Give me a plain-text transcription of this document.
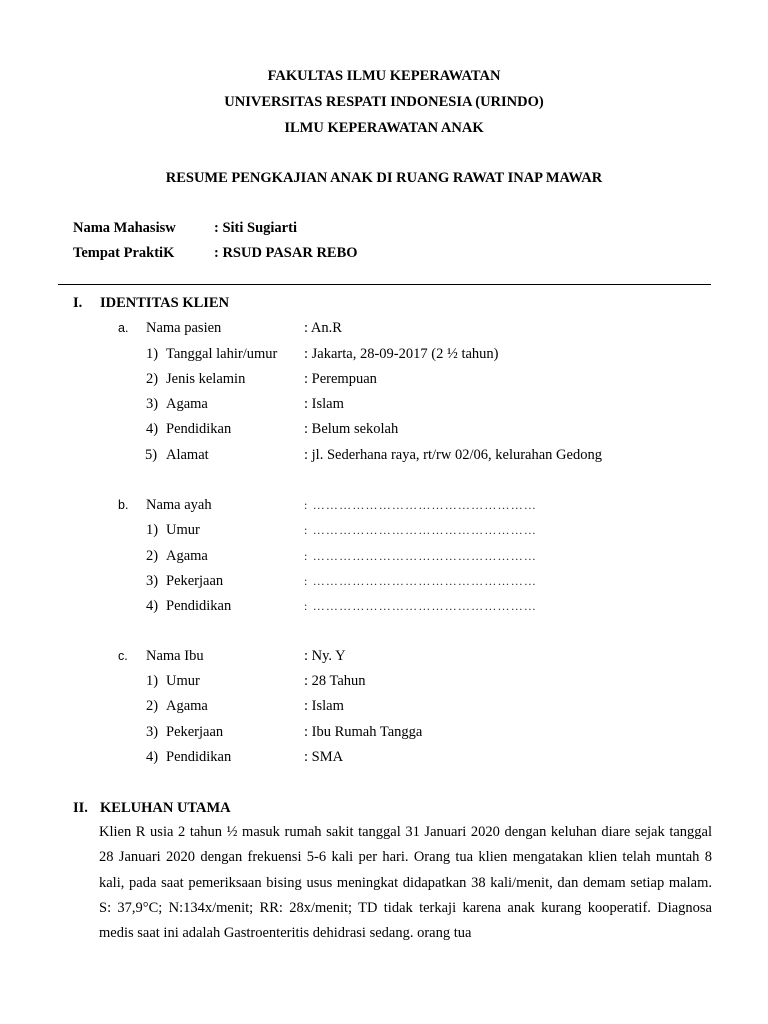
FAKULTAS ILMU KEPERAWATAN
UNIVERSITAS RESPATI INDONESIA (URINDO)
ILMU KEPERAWATAN ANAK
RESUME PENGKAJIAN ANAK DI RUANG RAWAT INAP MAWAR
Nama Mahasisw	: Siti Sugiarti
Tempat PraktiK	: RSUD PASAR REBO
I. IDENTITAS KLIEN
a. Nama pasien	: An.R
1) Tanggal lahir/umur : Jakarta, 28-09-2017 (2 ½ tahun)
2) Jenis kelamin	: Perempuan
3) Agama	: Islam
4) Pendidikan	: Belum sekolah
5) Alamat	: jl. Sederhana raya, rt/rw 02/06, kelurahan Gedong
b. Nama ayah	: ……………………………………………
1) Umur	: ……………………………………………
2) Agama	: ……………………………………………
3) Pekerjaan	: ……………………………………………
4) Pendidikan	: ……………………………………………
c. Nama Ibu	: Ny. Y
1) Umur	: 28 Tahun
2) Agama	: Islam
3) Pekerjaan	: Ibu Rumah Tangga
4) Pendidikan	: SMA
II. KELUHAN UTAMA
Klien R usia 2 tahun ½ masuk rumah sakit tanggal 31 Januari 2020 dengan keluhan diare sejak tanggal 28 Januari 2020 dengan frekuensi 5-6 kali per hari. Orang tua klien mengatakan klien telah muntah 8 kali, pada saat pemeriksaan bising usus meningkat didapatkan 38 kali/menit, dan demam setiap malam. S: 37,9°C; N:134x/menit; RR: 28x/menit; TD tidak terkaji karena anak kurang kooperatif. Diagnosa medis saat ini adalah Gastroenteritis dehidrasi sedang. orang tua
